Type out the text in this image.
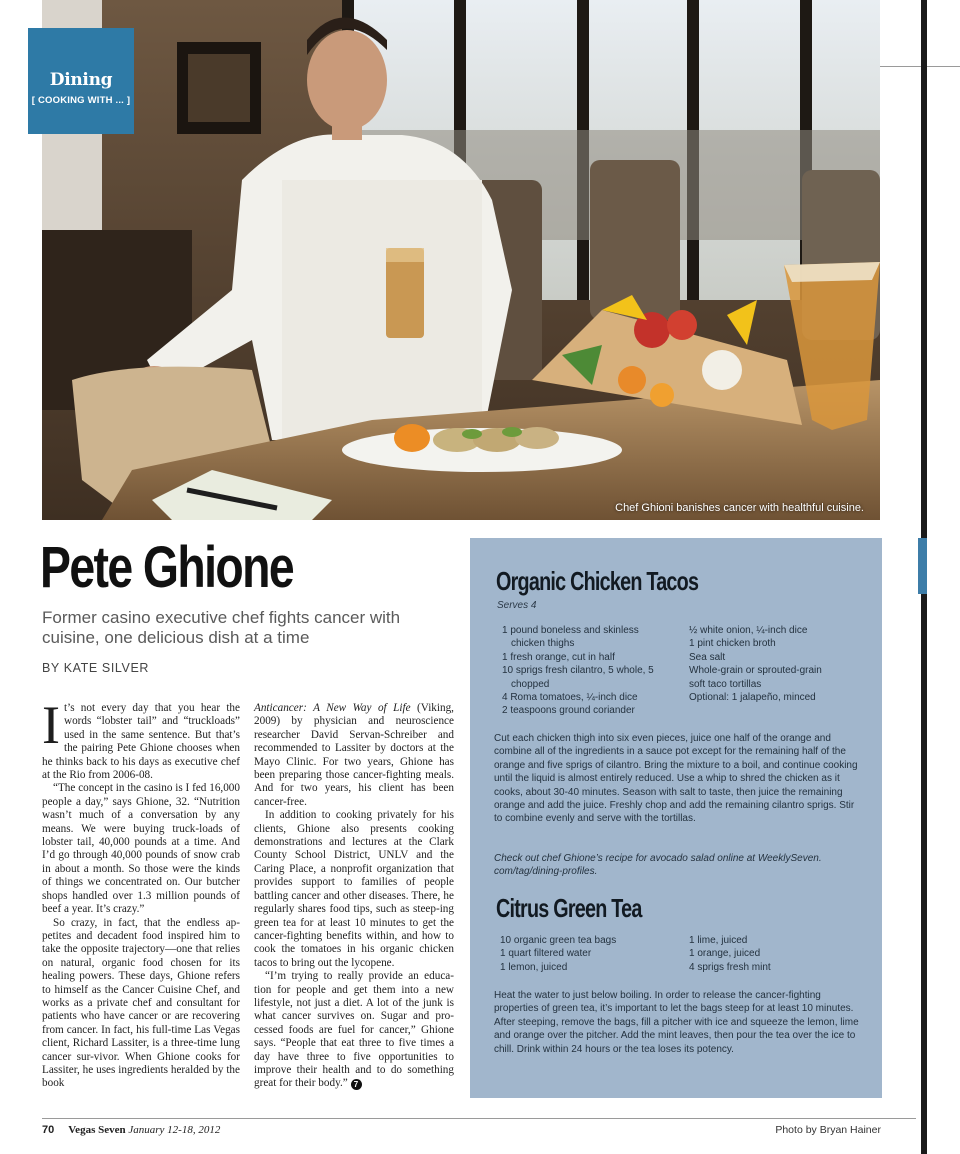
Chef Ghioni banishes cancer with healthful cuisine.
Dining
[ COOKING WITH ... ]
Pete Ghione
Former casino executive chef fights cancer with cuisine, one delicious dish at a time
BY KATE SILVER

It’s not every day that you hear the words “lobster tail” and “truckloads” used in the same sentence. But that’s the pairing Pete Ghione chooses when he thinks back to his days as executive chef at the Rio from 2006-08.

“The concept in the casino is I fed 16,000 people a day,” says Ghione, 32. “Nutrition wasn’t much of a conversation by any means. We were buying truck-loads of lobster tail, 40,000 pounds at a time. And I’d go through 40,000 pounds of snow crab in about a month. So those were the kinds of things we concentrated on. Our butcher shops handled over 1.3 million pounds of beef a year. It’s crazy.”

So crazy, in fact, that the endless ap-petites and decadent food inspired him to take the opposite trajectory—one that relies on natural, organic food chosen for its healing powers. These days, Ghione refers to himself as the Cancer Cuisine Chef, and works as a private chef and consultant for patients who have cancer or are recovering from cancer. In fact, his full-time Las Vegas client, Richard Lassiter, is a three-time lung cancer sur-vivor. When Ghione cooks for Lassiter, he uses ingredients heralded by the book

Anticancer: A New Way of Life (Viking, 2009) by physician and neuroscience researcher David Servan-Schreiber and recommended to Lassiter by doctors at the Mayo Clinic. For two years, Ghione has been preparing those cancer-fighting meals. And for two years, his client has been cancer-free.

In addition to cooking privately for his clients, Ghione also presents cooking demonstrations and lectures at the Clark County School District, UNLV and the Caring Place, a nonprofit organization that provides support to families of people battling cancer and other diseases. There, he regularly shares food tips, such as steep-ing green tea for at least 10 minutes to get the cancer-fighting benefits within, and how to cook the tomatoes in his organic chicken tacos to bring out the lycopene.

“I’m trying to really provide an educa-tion for people and get them into a new lifestyle, not just a diet. A lot of the junk is what cancer survives on. Sugar and pro-cessed foods are fuel for cancer,” Ghione says. “People that eat three to five times a day have three to five opportunities to improve their health and to do something great for their body.” 7

Organic Chicken Tacos
Serves 4
1 pound boneless and skinless
chicken thighs
1 fresh orange, cut in half
10 sprigs fresh cilantro, 5 whole, 5
chopped
4 Roma tomatoes, ¼-inch dice
2 teaspoons ground coriander
½ white onion, ¼-inch dice
1 pint chicken broth
Sea salt
Whole-grain or sprouted-grain
soft taco tortillas
Optional: 1 jalapeño, minced
Cut each chicken thigh into six even pieces, juice one half of the orange and combine all of the ingredients in a sauce pot except for the remaining half of the orange and five sprigs of cilantro. Bring the mixture to a boil, and continue cooking until the liquid is almost entirely reduced. Use a whip to shred the chicken as it cooks, about 30-40 minutes. Season with salt to taste, then juice the remaining orange and add the juice. Freshly chop and add the remaining cilantro sprigs. Stir to combine evenly and serve with the tortillas.
Check out chef Ghione’s recipe for avocado salad online at WeeklySeven. com/tag/dining-profiles.
Citrus Green Tea
10 organic green tea bags
1 quart filtered water
1 lemon, juiced
1 lime, juiced
1 orange, juiced
4 sprigs fresh mint
Heat the water to just below boiling. In order to release the cancer-fighting properties of green tea, it’s important to let the bags steep for at least 10 minutes. After steeping, remove the bags, fill a pitcher with ice and squeeze the lemon, lime and orange over the pitcher. Add the mint leaves, then pour the tea over the ice to chill. Drink within 24 hours or the tea loses its potency.
70 Vegas Seven January 12-18, 2012	Photo by Bryan Hainer
